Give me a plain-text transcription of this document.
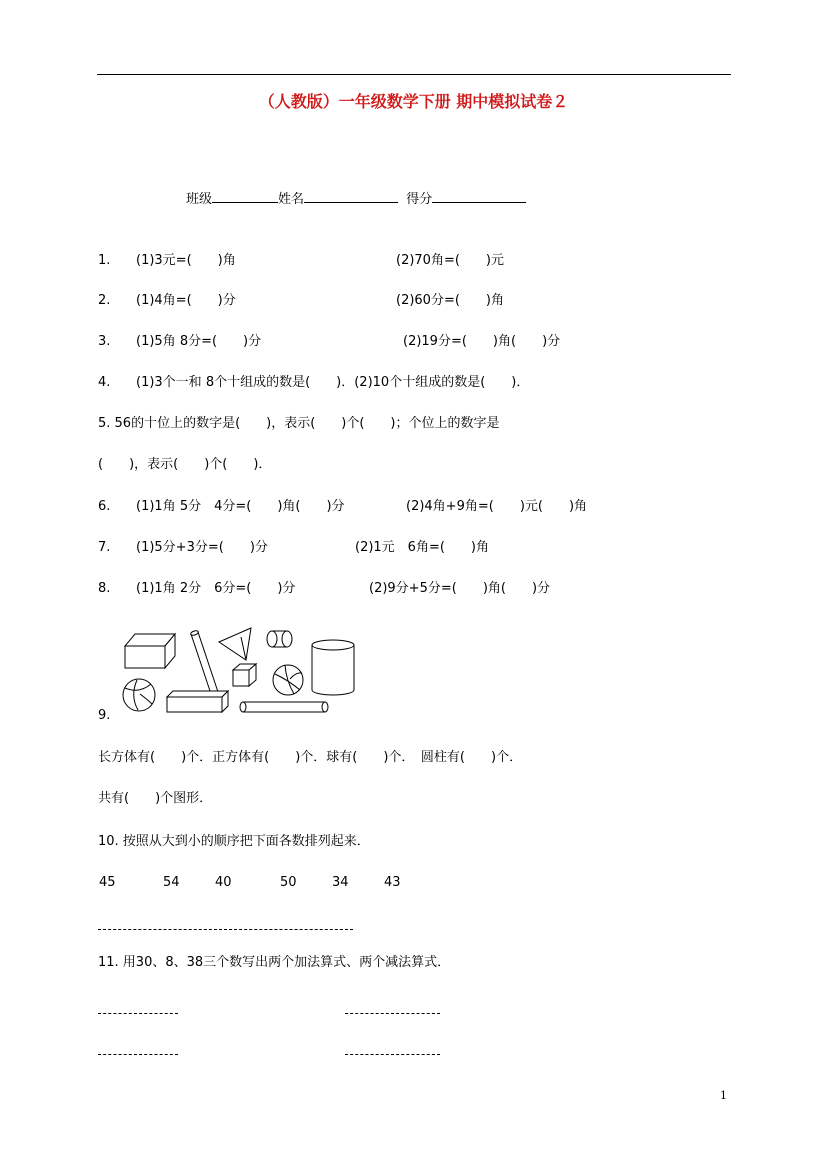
（人教版）一年级数学下册 期中模拟试卷２
班级	姓名	得分
1. (1)3元=(　　)角	(2)70角=(　　)元
2. (1)4角=(　　)分	(2)60分=(　　)角
3. (1)5角 8分=(　　)分	(2)19分=(　　)角(　　)分
4. (1)3个一和 8个十组成的数是(　　)．(2)10个十组成的数是(　　)．
5. 56的十位上的数字是(　　)，表示(　　)个(　　)；个位上的数字是
(　　)，表示(　　)个(　　)．
6. (1)1角 5分　4分=(　　)角(　　)分	(2)4角+9角=(　　)元(　　)角
7. (1)5分+3分=(　　)分	(2)1元　6角=(　　)角
8. (1)1角 2分　6分=(　　)分	(2)9分+5分=(　　)角(　　)分
9.
长方体有(　　)个．正方体有(　　)个．球有(　　)个．　圆柱有(　　)个．
共有(　　)个图形．
10. 按照从大到小的顺序把下面各数排列起来．
45	54	40	50	34	43
11. 用30、8、38三个数写出两个加法算式、两个减法算式．
1
